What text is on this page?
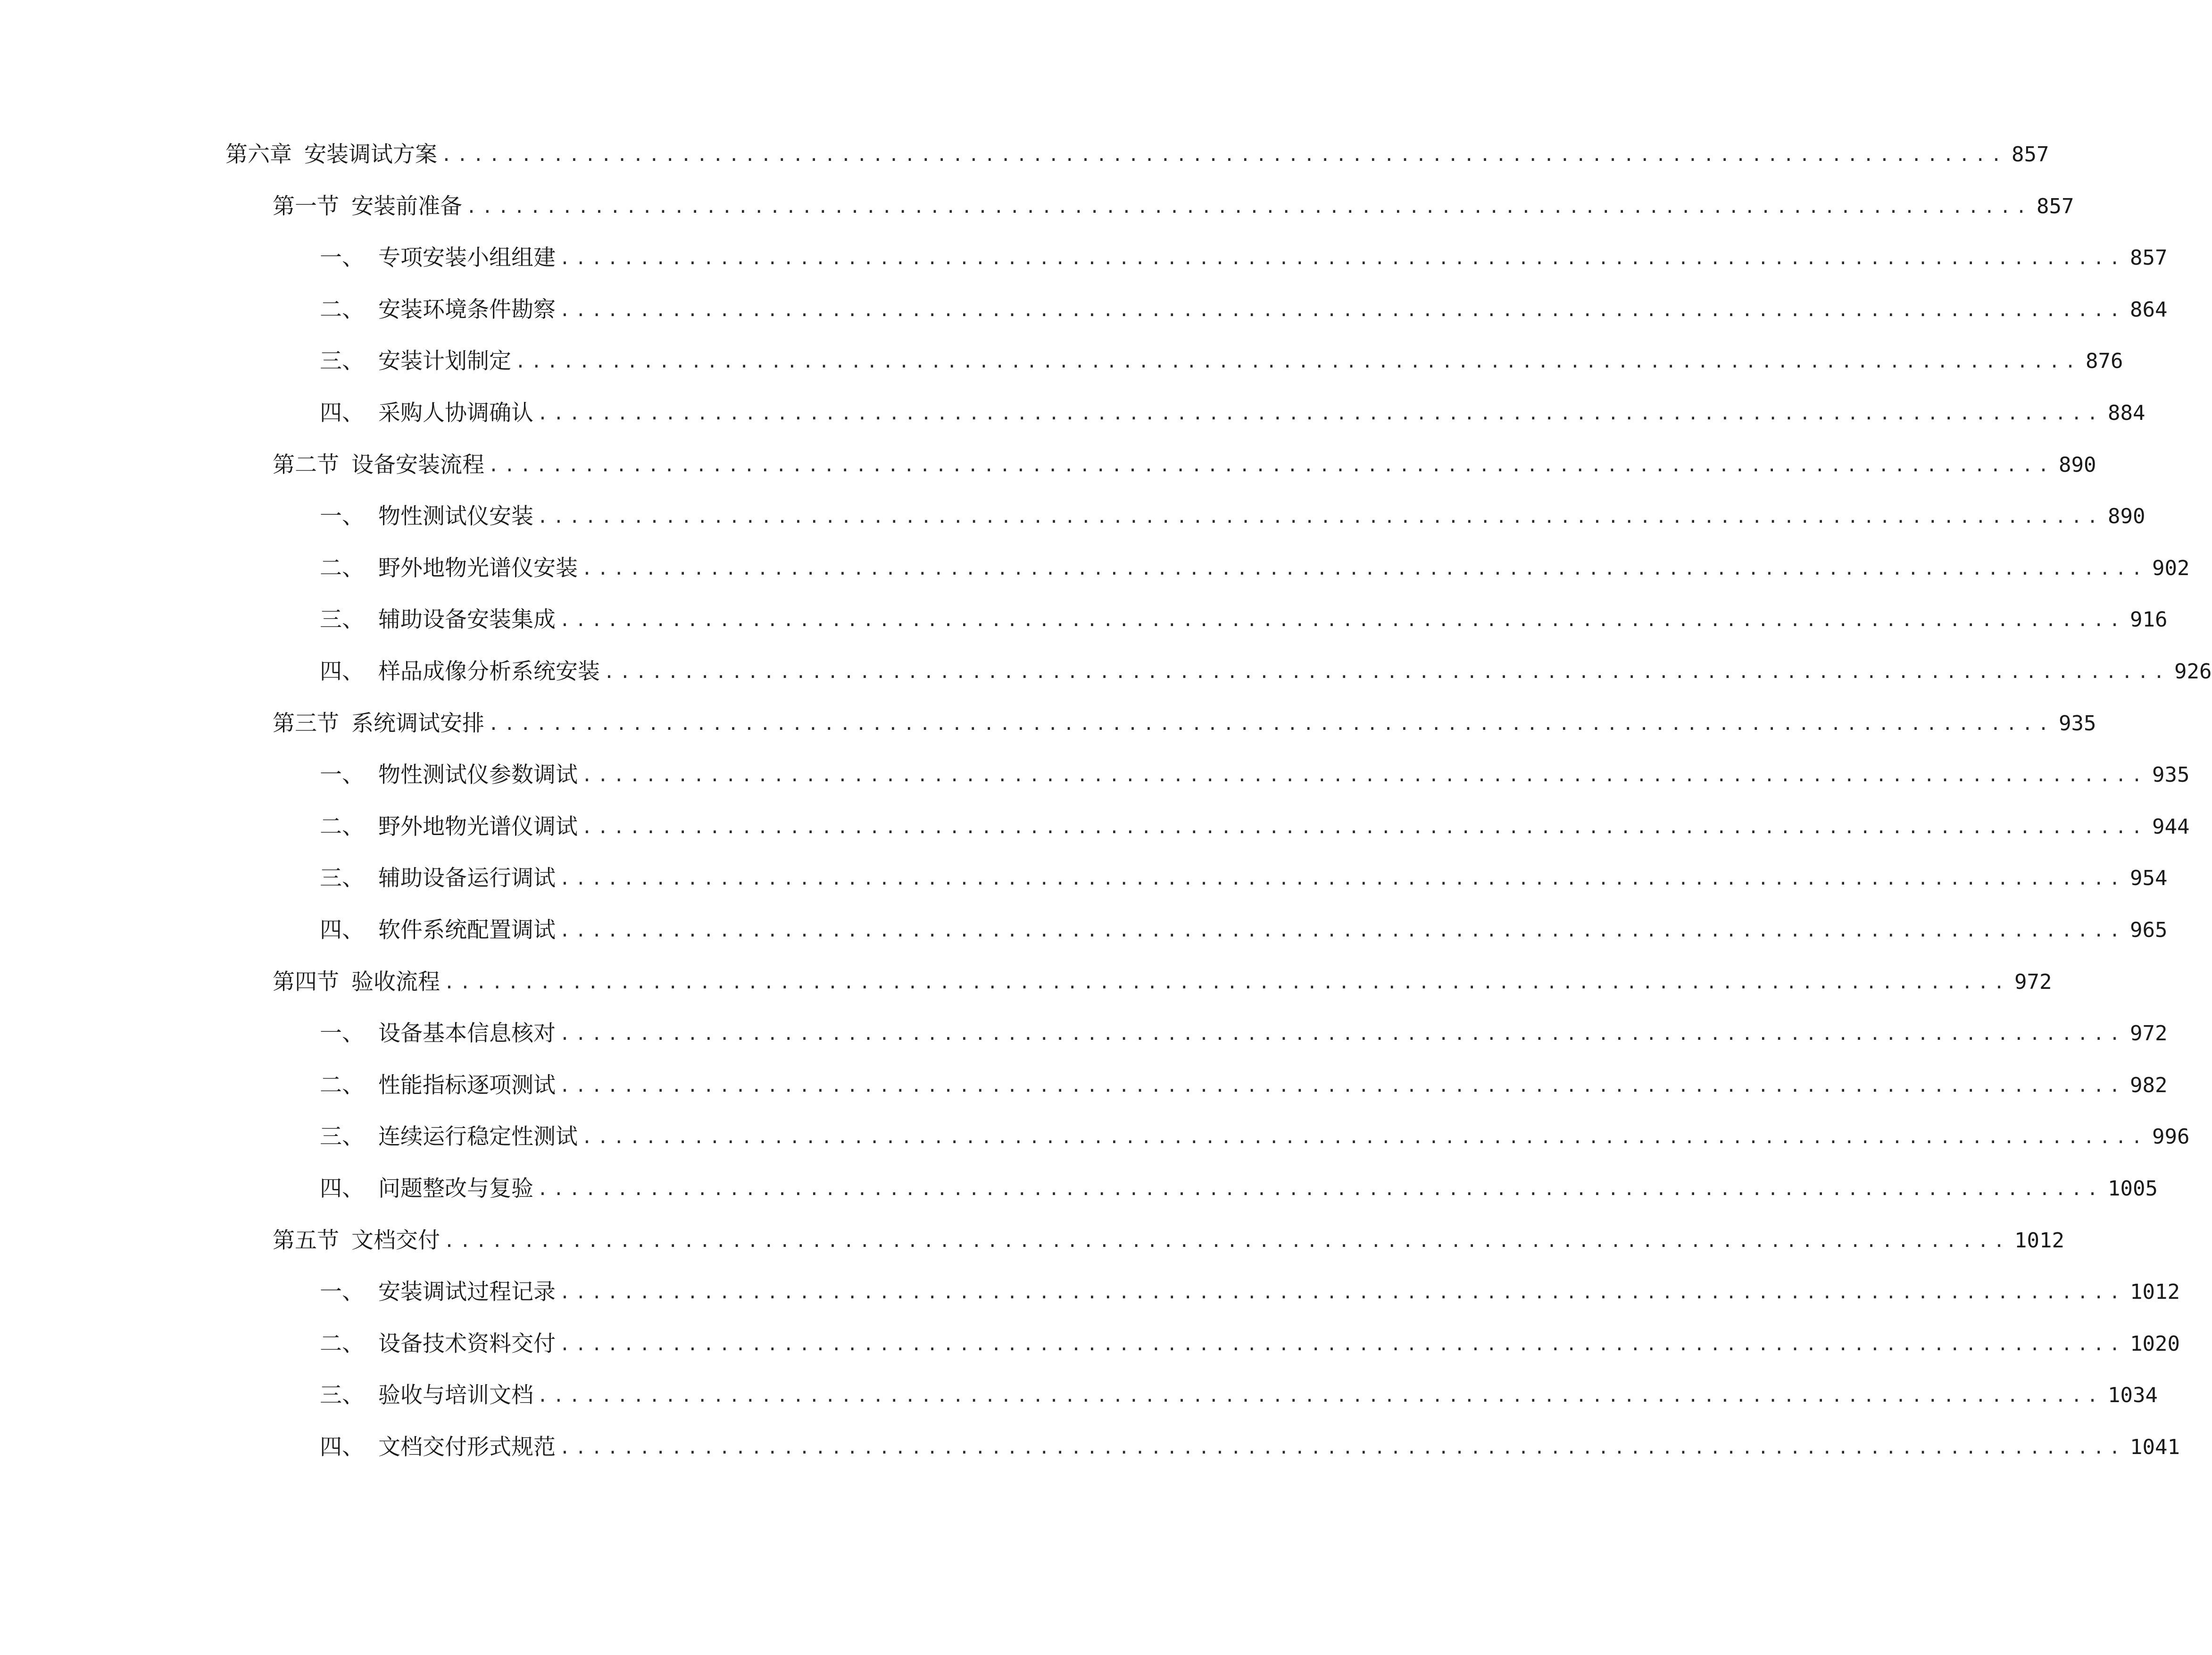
第六章 安装调试方案 .................................................................................................. 857
第一节 安装前准备 .................................................................................................. 857
一、 专项安装小组组建 .................................................................................................. 857
二、 安装环境条件勘察 .................................................................................................. 864
三、 安装计划制定 .................................................................................................. 876
四、 采购人协调确认 .................................................................................................. 884
第二节 设备安装流程 .................................................................................................. 890
一、 物性测试仪安装 .................................................................................................. 890
二、 野外地物光谱仪安装 .................................................................................................. 902
三、 辅助设备安装集成 .................................................................................................. 916
四、 样品成像分析系统安装 .................................................................................................. 926
第三节 系统调试安排 .................................................................................................. 935
一、 物性测试仪参数调试 .................................................................................................. 935
二、 野外地物光谱仪调试 .................................................................................................. 944
三、 辅助设备运行调试 .................................................................................................. 954
四、 软件系统配置调试 .................................................................................................. 965
第四节 验收流程 .................................................................................................. 972
一、 设备基本信息核对 .................................................................................................. 972
二、 性能指标逐项测试 .................................................................................................. 982
三、 连续运行稳定性测试 .................................................................................................. 996
四、 问题整改与复验 .................................................................................................. 1005
第五节 文档交付 .................................................................................................. 1012
一、 安装调试过程记录 .................................................................................................. 1012
二、 设备技术资料交付 .................................................................................................. 1020
三、 验收与培训文档 .................................................................................................. 1034
四、 文档交付形式规范 .................................................................................................. 1041
